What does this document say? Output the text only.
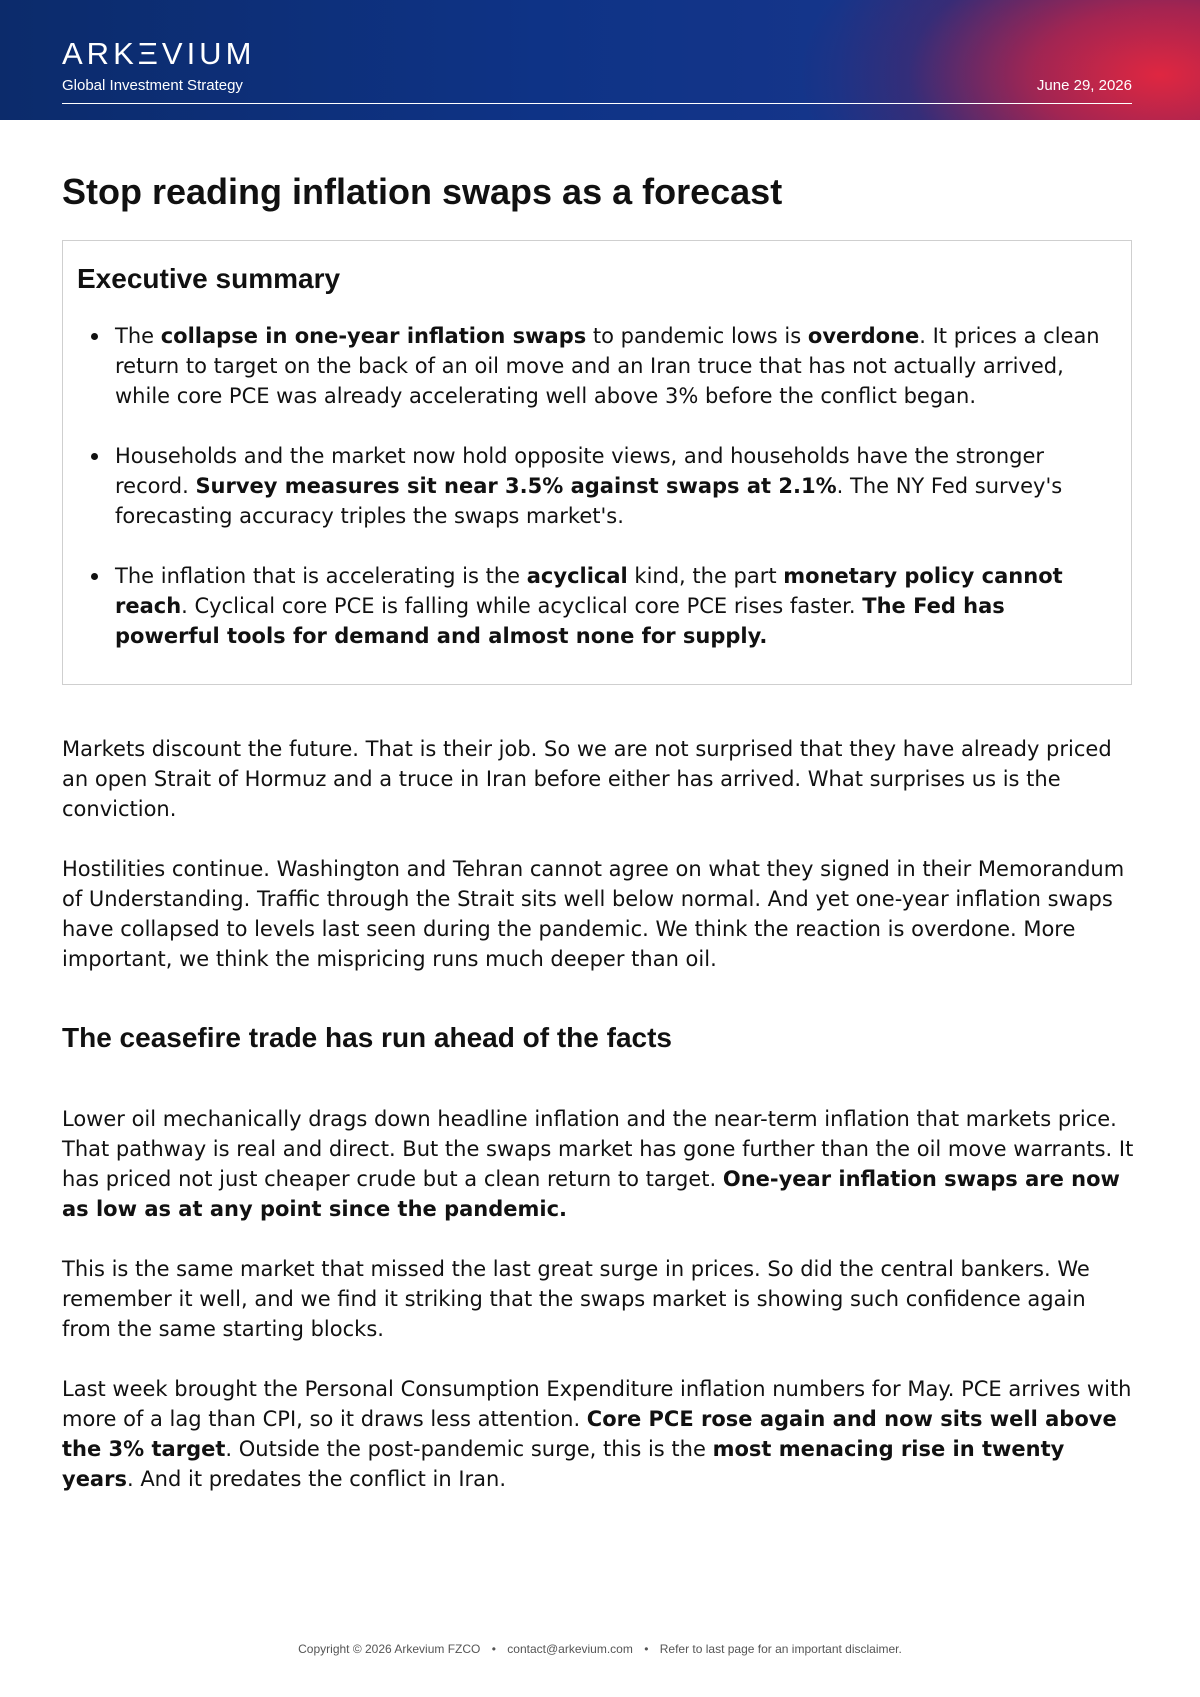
ARKΞVIUM
Global Investment Strategy	June 29, 2026
Stop reading inflation swaps as a forecast
Executive summary
The collapse in one-year inflation swaps to pandemic lows is overdone. It prices a clean return to target on the back of an oil move and an Iran truce that has not actually arrived, while core PCE was already accelerating well above 3% before the conflict began.
Households and the market now hold opposite views, and households have the stronger record. Survey measures sit near 3.5% against swaps at 2.1%. The NY Fed survey's forecasting accuracy triples the swaps market's.
The inflation that is accelerating is the acyclical kind, the part monetary policy cannot reach. Cyclical core PCE is falling while acyclical core PCE rises faster. The Fed has powerful tools for demand and almost none for supply.

Markets discount the future. That is their job. So we are not surprised that they have already priced an open Strait of Hormuz and a truce in Iran before either has arrived. What surprises us is the conviction.

Hostilities continue. Washington and Tehran cannot agree on what they signed in their Memorandum of Understanding. Traffic through the Strait sits well below normal. And yet one-year inflation swaps have collapsed to levels last seen during the pandemic. We think the reaction is overdone. More important, we think the mispricing runs much deeper than oil.

The ceasefire trade has run ahead of the facts

Lower oil mechanically drags down headline inflation and the near-term inflation that markets price. That pathway is real and direct. But the swaps market has gone further than the oil move warrants. It has priced not just cheaper crude but a clean return to target. One-year inflation swaps are now as low as at any point since the pandemic.

This is the same market that missed the last great surge in prices. So did the central bankers. We remember it well, and we find it striking that the swaps market is showing such confidence again from the same starting blocks.

Last week brought the Personal Consumption Expenditure inflation numbers for May. PCE arrives with more of a lag than CPI, so it draws less attention. Core PCE rose again and now sits well above the 3% target. Outside the post-pandemic surge, this is the most menacing rise in twenty years. And it predates the conflict in Iran.

Copyright © 2026 Arkevium FZCO • contact@arkevium.com • Refer to last page for an important disclaimer.
